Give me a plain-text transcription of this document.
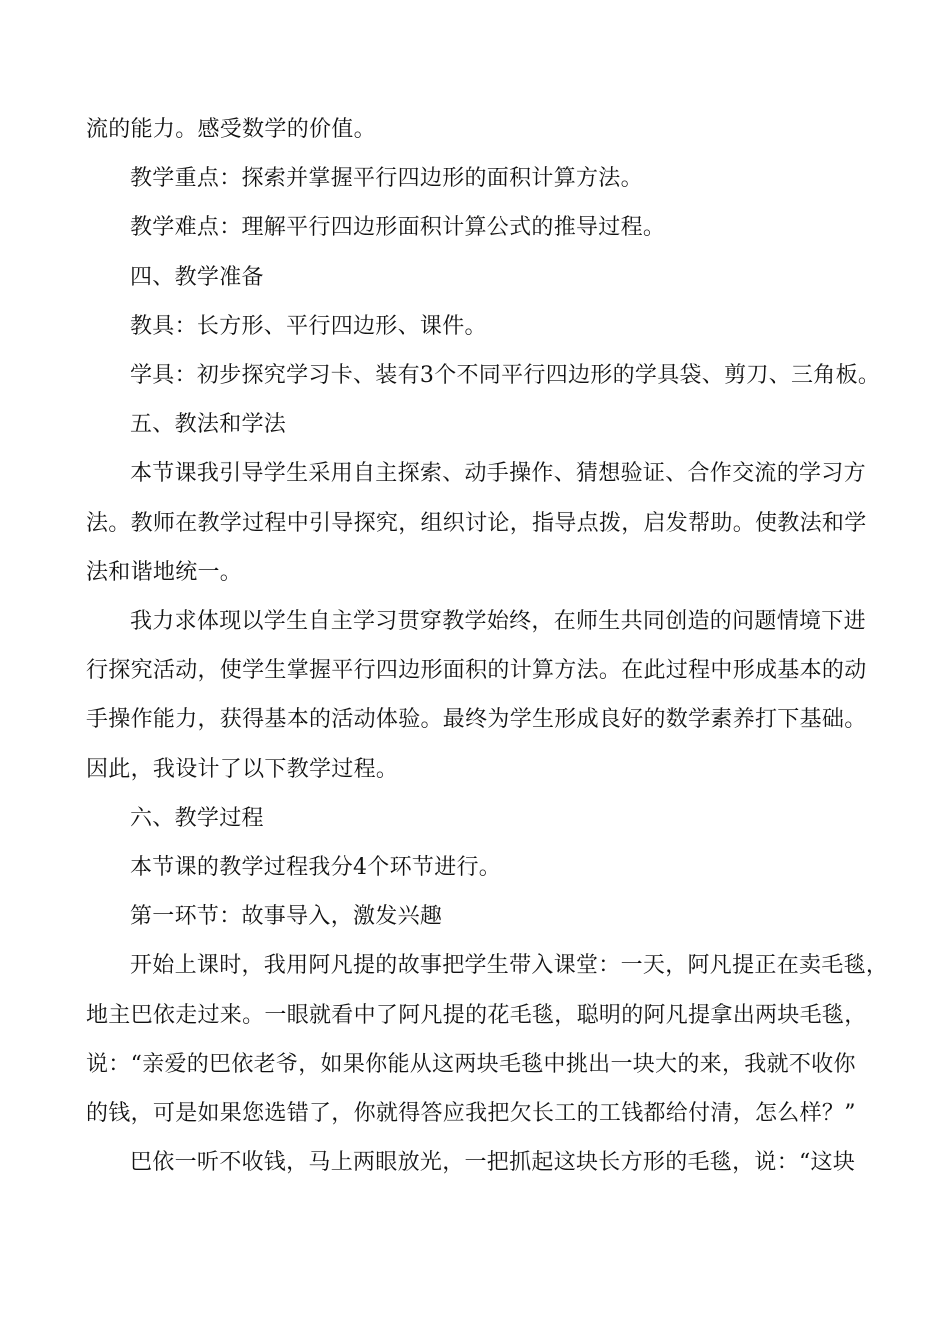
流的能力。感受数学的价值。

教学重点：探索并掌握平行四边形的面积计算方法。

教学难点：理解平行四边形面积计算公式的推导过程。

四、教学准备

教具：长方形、平行四边形、课件。

学具：初步探究学习卡、装有3个不同平行四边形的学具袋、剪刀、三角板。

五、教法和学法

本节课我引导学生采用自主探索、动手操作、猜想验证、合作交流的学习方

法。教师在教学过程中引导探究，组织讨论，指导点拨，启发帮助。使教法和学

法和谐地统一。

我力求体现以学生自主学习贯穿教学始终，在师生共同创造的问题情境下进

行探究活动，使学生掌握平行四边形面积的计算方法。在此过程中形成基本的动

手操作能力，获得基本的活动体验。最终为学生形成良好的数学素养打下基础。

因此，我设计了以下教学过程。

六、教学过程

本节课的教学过程我分4个环节进行。

第一环节：故事导入，激发兴趣

开始上课时，我用阿凡提的故事把学生带入课堂：一天，阿凡提正在卖毛毯，

地主巴依走过来。一眼就看中了阿凡提的花毛毯，聪明的阿凡提拿出两块毛毯，

说：“亲爱的巴依老爷，如果你能从这两块毛毯中挑出一块大的来，我就不收你

的钱，可是如果您选错了，你就得答应我把欠长工的工钱都给付清，怎么样？”

巴依一听不收钱，马上两眼放光，一把抓起这块长方形的毛毯，说：“这块
